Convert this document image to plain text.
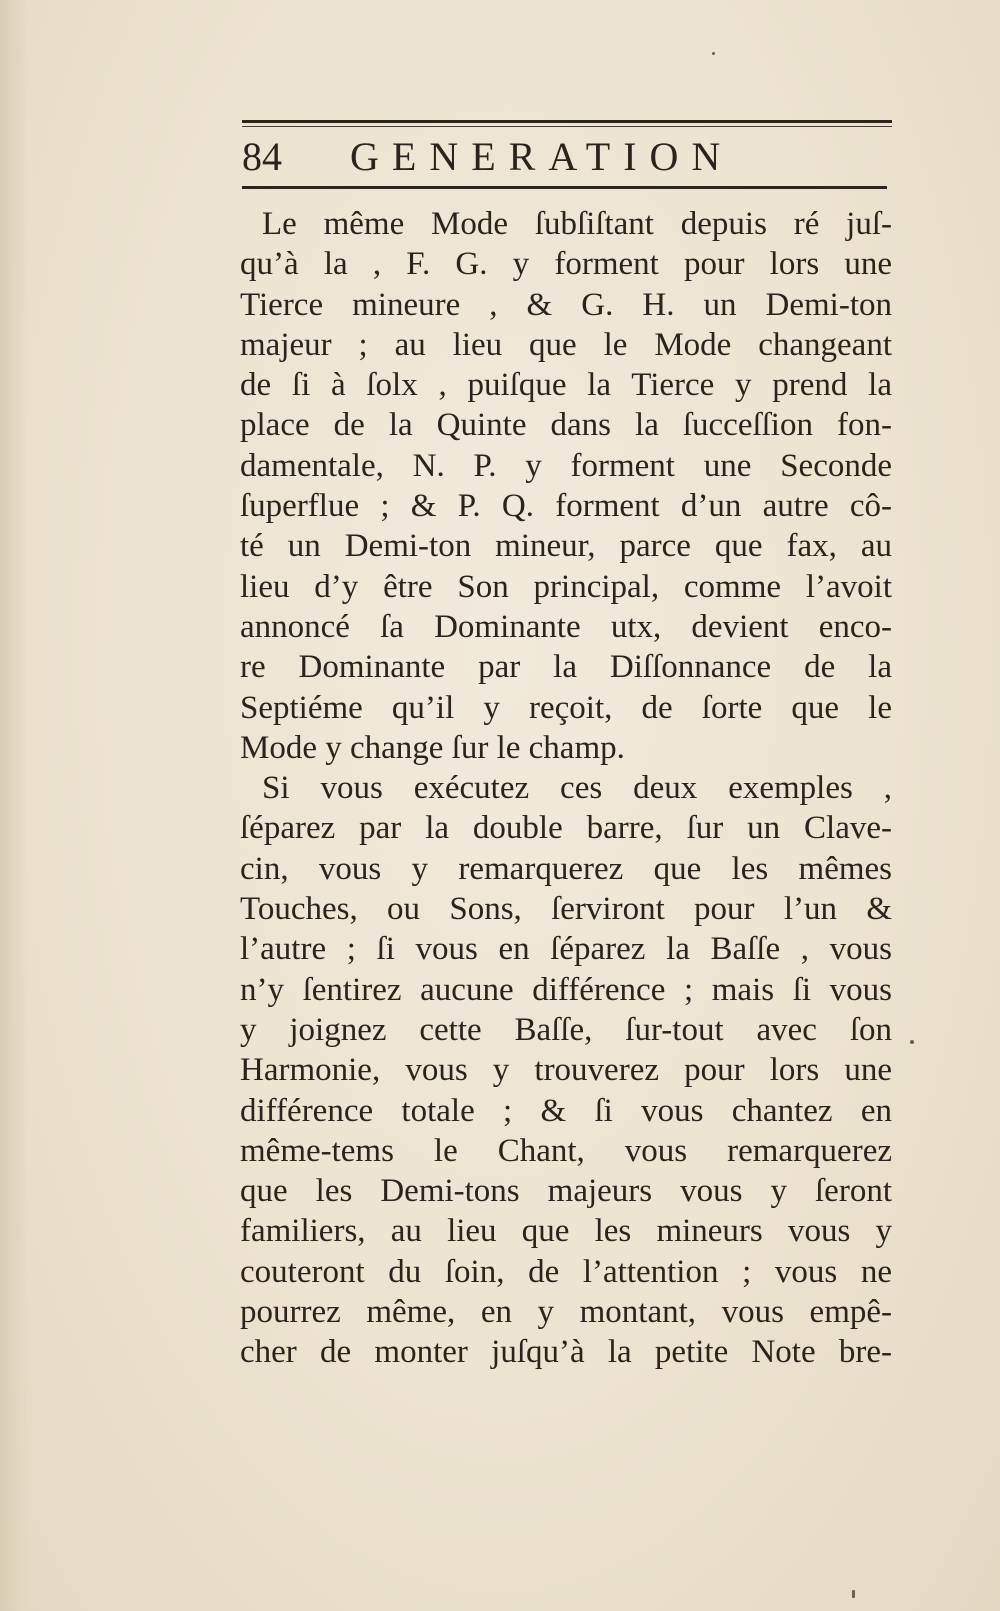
84 GENERATION
Le même Mode ſubſiſtant depuis ré juſ-
qu’à la , F. G. y forment pour lors une
Tierce mineure , & G. H. un Demi-ton
majeur ; au lieu que le Mode changeant
de ſi à ſolx , puiſque la Tierce y prend la
place de la Quinte dans la ſucceſſion fon-
damentale, N. P. y forment une Seconde
ſuperflue ; & P. Q. forment d’un autre cô-
té un Demi-ton mineur, parce que fax, au
lieu d’y être Son principal, comme l’avoit
annoncé ſa Dominante utx, devient enco-
re Dominante par la Diſſonnance de la
Septiéme qu’il y reçoit, de ſorte que le
Mode y change ſur le champ.
Si vous exécutez ces deux exemples ,
ſéparez par la double barre, ſur un Clave-
cin, vous y remarquerez que les mêmes
Touches, ou Sons, ſerviront pour l’un &
l’autre ; ſi vous en ſéparez la Baſſe , vous
n’y ſentirez aucune différence ; mais ſi vous
y joignez cette Baſſe, ſur-tout avec ſon
Harmonie, vous y trouverez pour lors une
différence totale ; & ſi vous chantez en
même-tems le Chant, vous remarquerez
que les Demi-tons majeurs vous y ſeront
familiers, au lieu que les mineurs vous y
couteront du ſoin, de l’attention ; vous ne
pourrez même, en y montant, vous empê-
cher de monter juſqu’à la petite Note bre-
